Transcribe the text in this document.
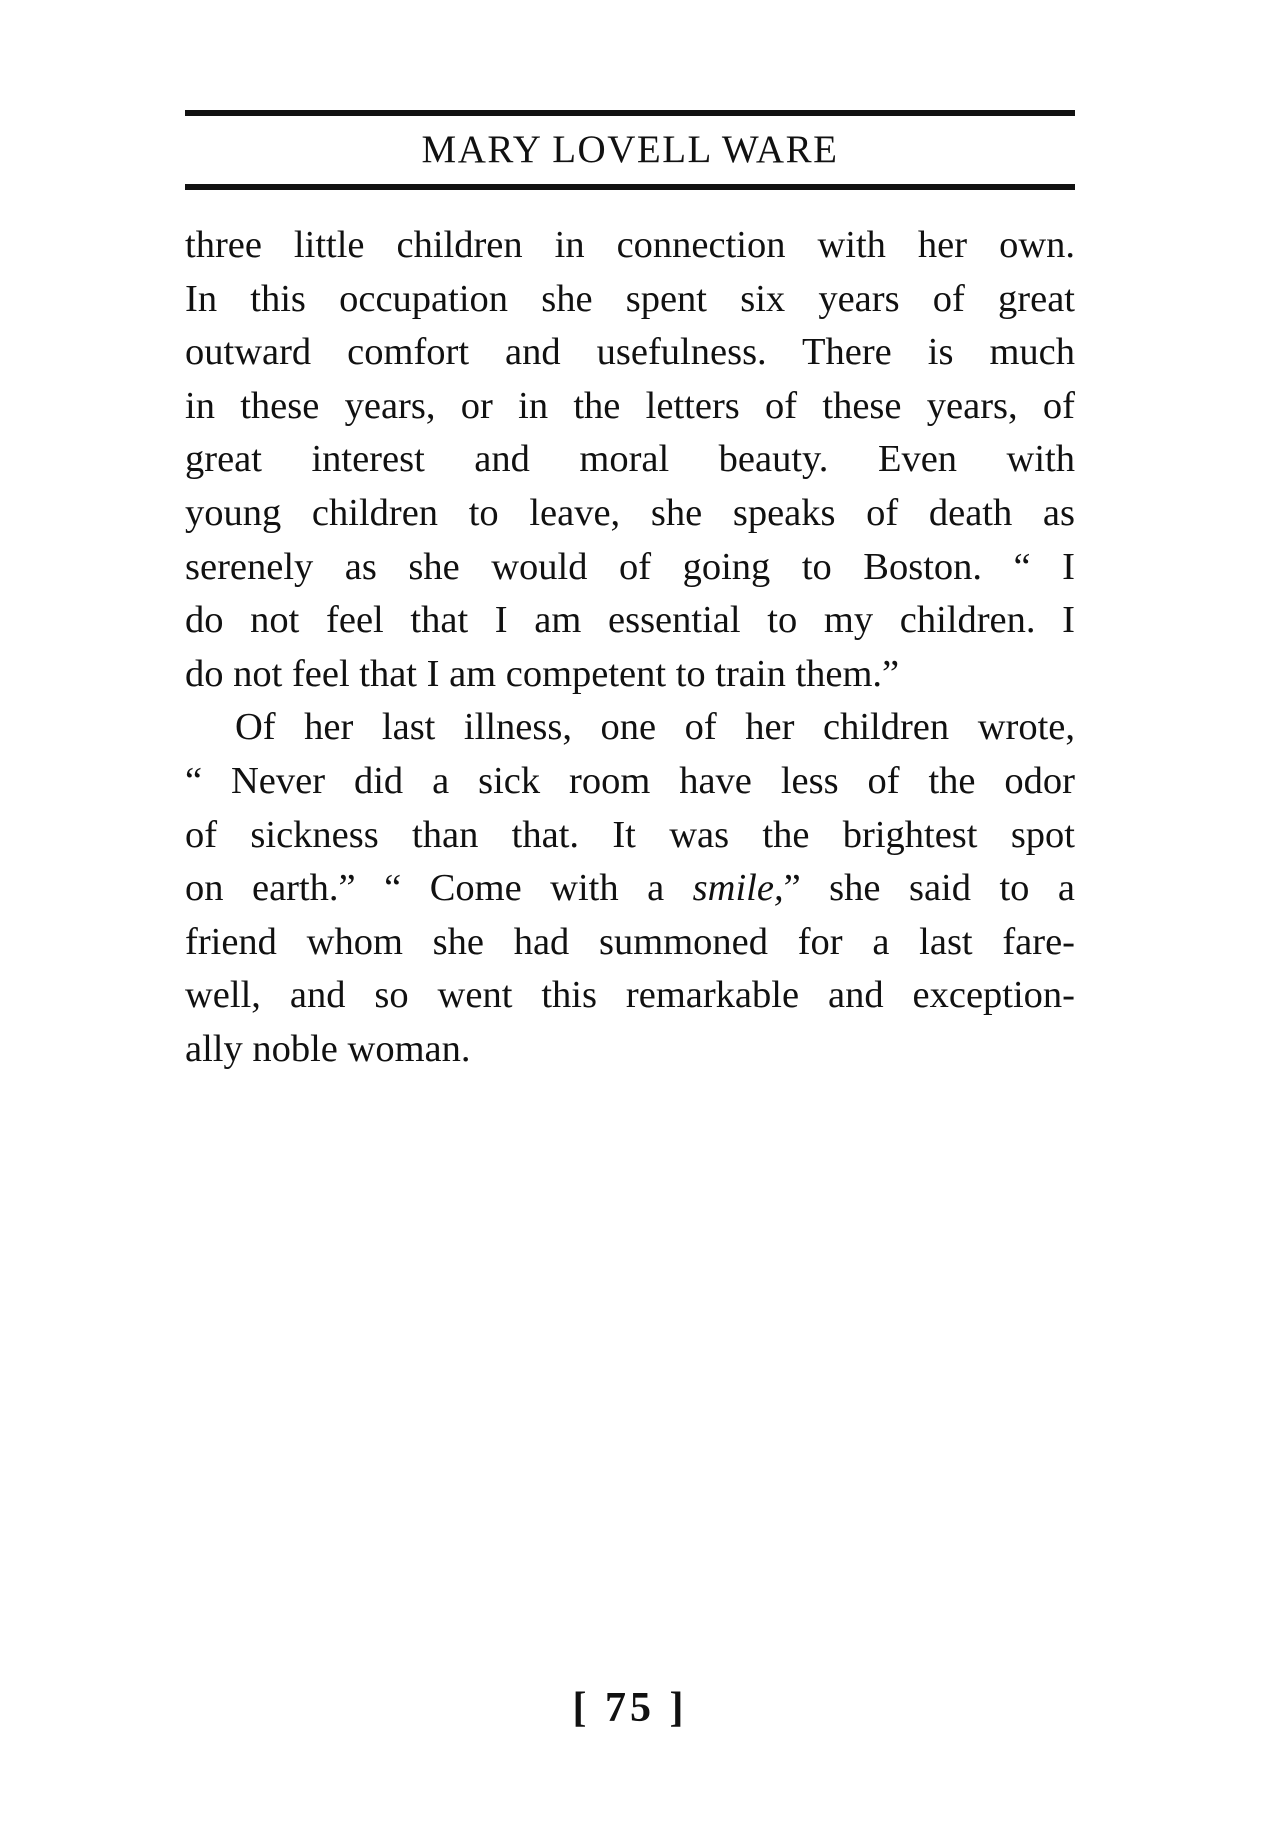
MARY LOVELL WARE
three little children in connection with her own.
In this occupation she spent six years of great
outward comfort and usefulness. There is much
in these years, or in the letters of these years, of
great interest and moral beauty. Even with
young children to leave, she speaks of death as
serenely as she would of going to Boston. “ I
do not feel that I am essential to my children. I
do not feel that I am competent to train them.”
Of her last illness, one of her children wrote,
“ Never did a sick room have less of the odor
of sickness than that. It was the brightest spot
on earth.” “ Come with a smile,” she said to a
friend whom she had summoned for a last fare-
well, and so went this remarkable and exception-
ally noble woman.
[ 75 ]
